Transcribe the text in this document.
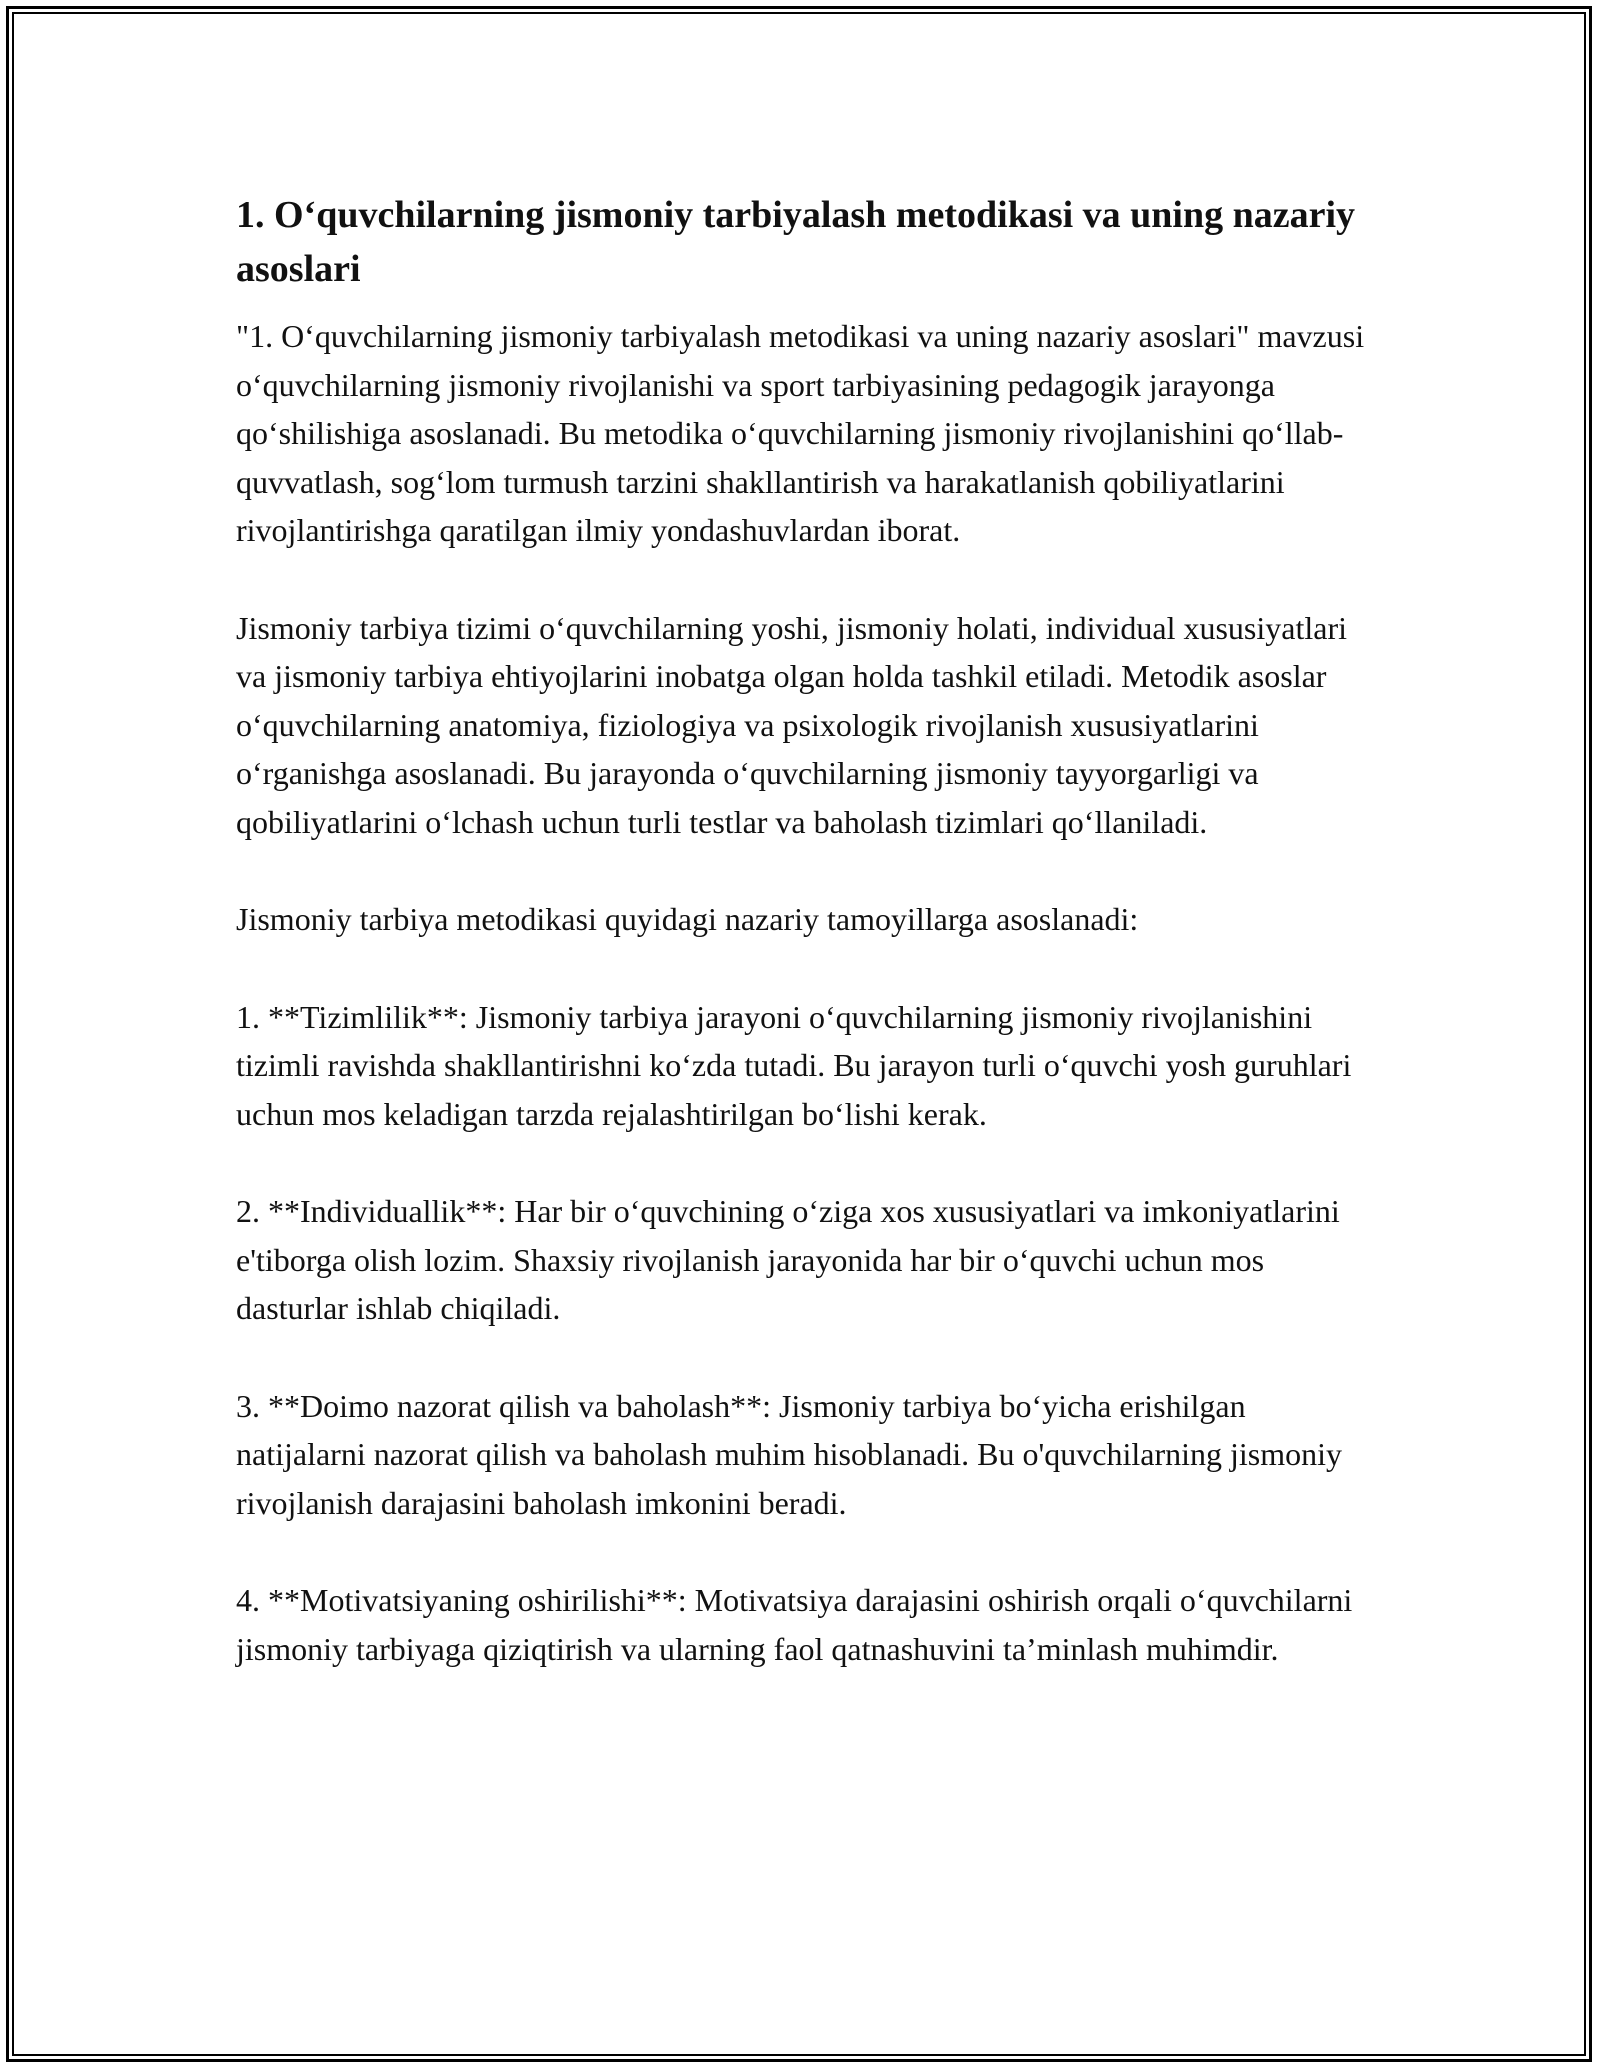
1. O‘quvchilarning jismoniy tarbiyalash metodikasi va uning nazariy asoslari

"1. O‘quvchilarning jismoniy tarbiyalash metodikasi va uning nazariy asoslari" mavzusi o‘quvchilarning jismoniy rivojlanishi va sport tarbiyasining pedagogik jarayonga qo‘shilishiga asoslanadi. Bu metodika o‘quvchilarning jismoniy rivojlanishini qo‘llab-quvvatlash, sog‘lom turmush tarzini shakllantirish va harakatlanish qobiliyatlarini rivojlantirishga qaratilgan ilmiy yondashuvlardan iborat.

Jismoniy tarbiya tizimi o‘quvchilarning yoshi, jismoniy holati, individual xususiyatlari va jismoniy tarbiya ehtiyojlarini inobatga olgan holda tashkil etiladi. Metodik asoslar o‘quvchilarning anatomiya, fiziologiya va psixologik rivojlanish xususiyatlarini o‘rganishga asoslanadi. Bu jarayonda o‘quvchilarning jismoniy tayyorgarligi va qobiliyatlarini o‘lchash uchun turli testlar va baholash tizimlari qo‘llaniladi.

Jismoniy tarbiya metodikasi quyidagi nazariy tamoyillarga asoslanadi:

1. **Tizimlilik**: Jismoniy tarbiya jarayoni o‘quvchilarning jismoniy rivojlanishini tizimli ravishda shakllantirishni ko‘zda tutadi. Bu jarayon turli o‘quvchi yosh guruhlari uchun mos keladigan tarzda rejalashtirilgan bo‘lishi kerak.

2. **Individuallik**: Har bir o‘quvchining o‘ziga xos xususiyatlari va imkoniyatlarini e'tiborga olish lozim. Shaxsiy rivojlanish jarayonida har bir o‘quvchi uchun mos dasturlar ishlab chiqiladi.

3. **Doimo nazorat qilish va baholash**: Jismoniy tarbiya bo‘yicha erishilgan natijalarni nazorat qilish va baholash muhim hisoblanadi. Bu o'quvchilarning jismoniy rivojlanish darajasini baholash imkonini beradi.

4. **Motivatsiyaning oshirilishi**: Motivatsiya darajasini oshirish orqali o‘quvchilarni jismoniy tarbiyaga qiziqtirish va ularning faol qatnashuvini ta’minlash muhimdir.
